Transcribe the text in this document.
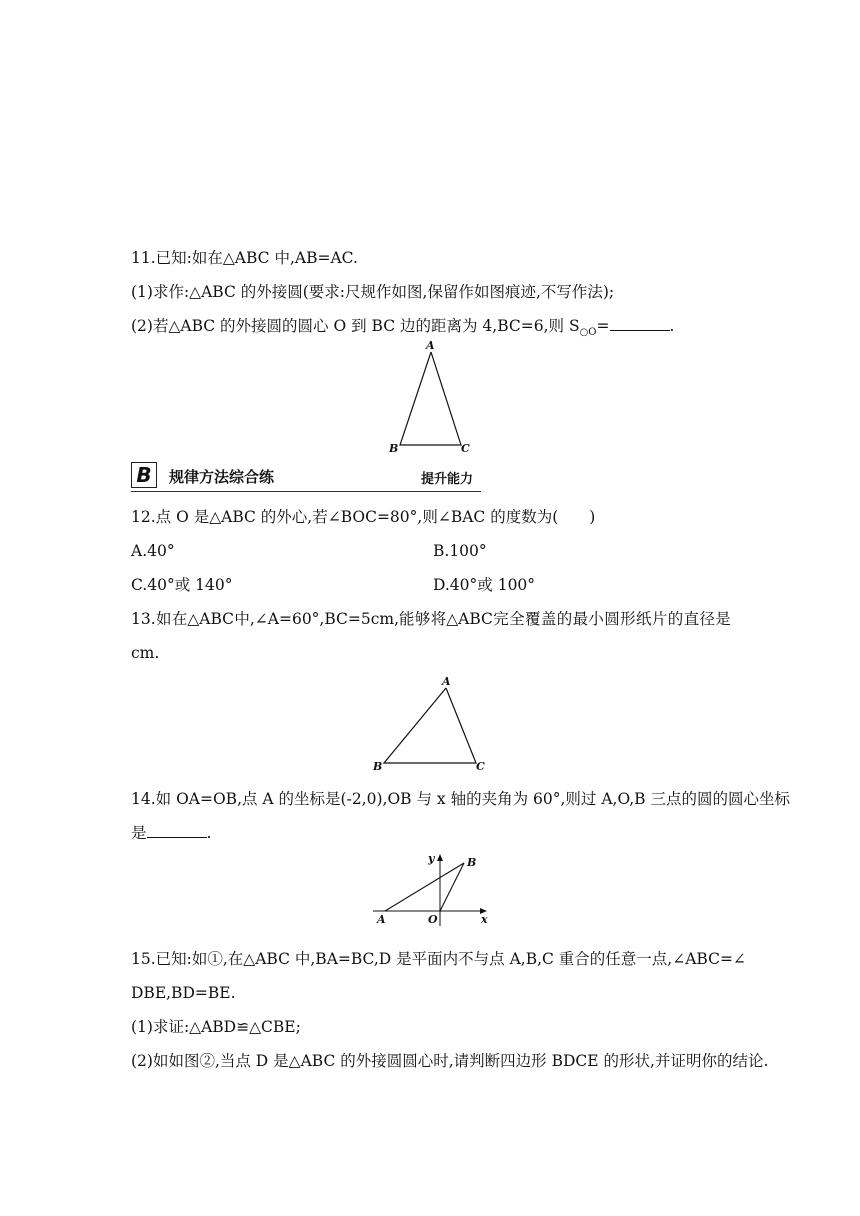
11.已知:如在△ABC 中,AB=AC.
(1)求作:△ABC 的外接圆(要求:尺规作如图,保留作如图痕迹,不写作法);
(2)若△ABC 的外接圆的圆心 O 到 BC 边的距离为 4,BC=6,则 $S_{○O}=$	.
A
B	C
B	规律方法综合练	提升能力
12.点 O 是△ABC 的外心,若∠BOC=80°,则∠BAC 的度数为(　　)
A.40°	B.100°
C.40°或 140°	D.40°或 100°
13. 如 在△ABC 中,∠A=60°,BC=5cm,能 够 将△ABC 完 全 覆 盖 的 最 小 圆 形 纸 片 的 直 径 是
cm.
A
B	C
14.如 OA=OB,点 A 的坐标是(-2,0),OB 与 x 轴的夹角为 60°,则过 A,O,B 三点的圆的圆心坐标
是	.
y	B
A	O	x
15.已知:如①,在△ABC 中,BA=BC,D 是平面内不与点 A,B,C 重合的任意一点,∠ABC=∠
DBE,BD=BE.
(1)求证:△ABD≌△CBE;
(2)如如图②,当点 D 是△ABC 的外接圆圆心时,请判断四边形 BDCE 的形状,并证明你的结论.
